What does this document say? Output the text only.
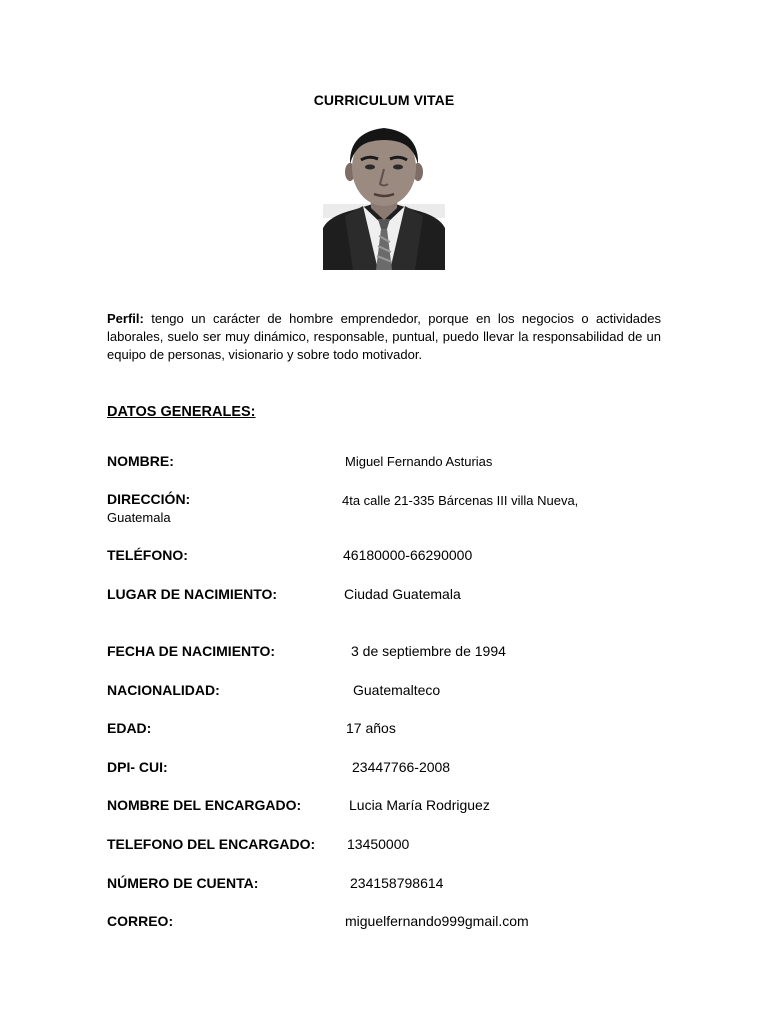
CURRICULUM VITAE
Perfil: tengo un carácter de hombre emprendedor, porque en los negocios o actividades laborales, suelo ser muy dinámico, responsable, puntual, puedo llevar la responsabilidad de un equipo de personas, visionario y sobre todo motivador.
DATOS GENERALES:
NOMBRE:	Miguel Fernando Asturias
DIRECCIÓN:	4ta calle 21-335 Bárcenas III villa Nueva,
Guatemala
TELÉFONO:	46180000-66290000
LUGAR DE NACIMIENTO:	Ciudad Guatemala
FECHA DE NACIMIENTO:	3 de septiembre de 1994
NACIONALIDAD:	Guatemalteco
EDAD:	17 años
DPI- CUI:	23447766-2008
NOMBRE DEL ENCARGADO:	Lucia María Rodriguez
TELEFONO DEL ENCARGADO: 13450000
NÚMERO DE CUENTA:	234158798614
CORREO:	miguelfernando999gmail.com
